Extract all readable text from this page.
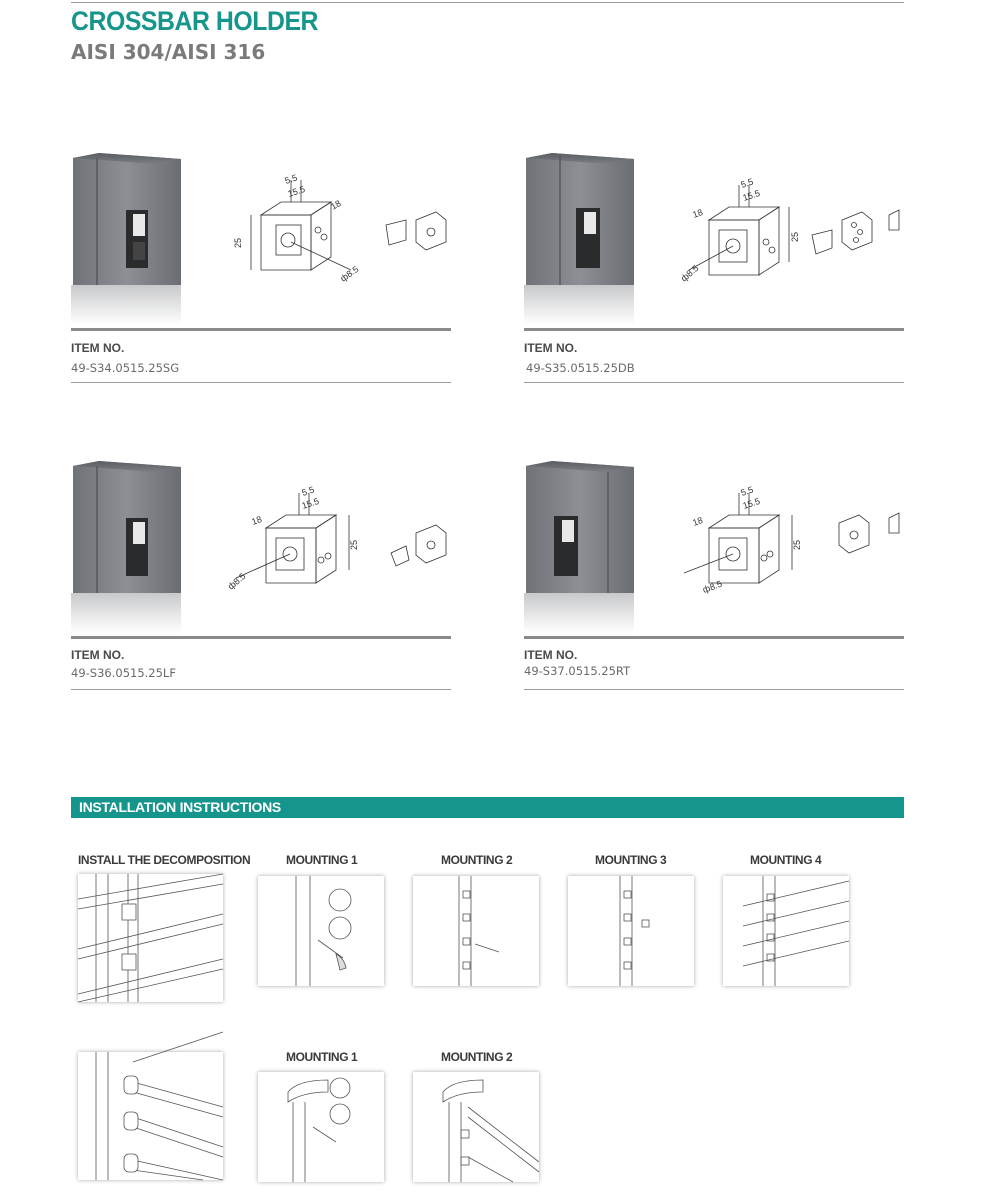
CROSSBAR HOLDER
AISI 304/AISI 316
5.5
15.5
18
25
ф8.5
ITEM NO.
49-S34.0515.25SG
5.5
15.5
18
25
ф8.5
ITEM NO.
49-S35.0515.25DB
5.5
15.5
18
25
ф8.5
ITEM NO.
49-S36.0515.25LF
5.5
15.5
18
25
ф8.5
ITEM NO.
49-S37.0515.25RT
INSTALLATION INSTRUCTIONS
INSTALL THE DECOMPOSITION	MOUNTING 1	MOUNTING 2	MOUNTING 3	MOUNTING 4
MOUNTING 1	MOUNTING 2
